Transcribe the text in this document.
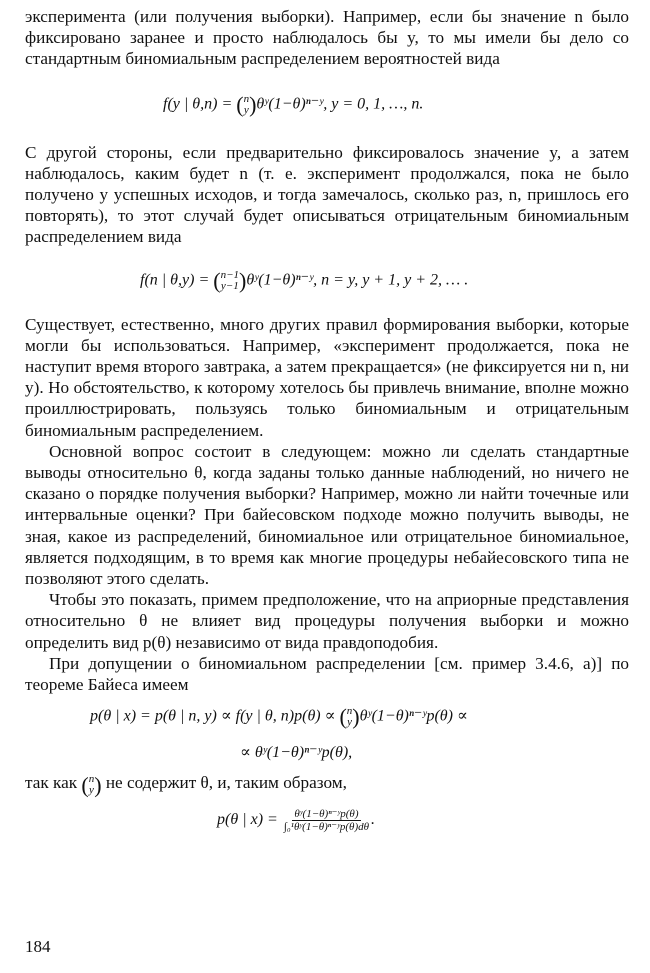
эксперимента (или получения выборки). Например, если бы значение n было фиксировано заранее и просто наблюдалось бы y, то мы имели бы дело со стандартным биномиальным распределением вероятностей вида

f(y | θ,n) = ( n
y )θʸ(1−θ)ⁿ⁻ʸ, y = 0, 1, …, n.

С другой стороны, если предварительно фиксировалось значение y, а затем наблюдалось, каким будет n (т. е. эксперимент продолжался, пока не было получено y успешных исходов, и тогда замечалось, сколько раз, n, пришлось его повторять), то этот случай будет описываться отрицательным биномиальным распределением вида

f(n | θ,y) = ( n−1
y−1 )θʸ(1−θ)ⁿ⁻ʸ, n = y, y + 1, y + 2, … .

Существует, естественно, много других правил формирования выборки, которые могли бы использоваться. Например, «эксперимент продолжается, пока не наступит время второго завтрака, а затем прекращается» (не фиксируется ни n, ни y). Но обстоятельство, к которому хотелось бы привлечь внимание, вполне можно проиллюстрировать, пользуясь только биномиальным и отрицательным биномиальным распределением.

Основной вопрос состоит в следующем: можно ли сделать стандартные выводы относительно θ, когда заданы только данные наблюдений, но ничего не сказано о порядке получения выборки? Например, можно ли найти точечные или интервальные оценки? При байесовском подходе можно получить выводы, не зная, какое из распределений, биномиальное или отрицательное биномиальное, является подходящим, в то время как многие процедуры небайесовского типа не позволяют этого сделать.

Чтобы это показать, примем предположение, что на априорные представления относительно θ не влияет вид процедуры получения выборки и можно определить вид p(θ) независимо от вида правдоподобия.

При допущении о биномиальном распределении [см. пример 3.4.6, а)] по теореме Байеса имеем

p(θ | x) = p(θ | n, y) ∝ f(y | θ, n)p(θ) ∝ ( n
y )θʸ(1−θ)ⁿ⁻ʸp(θ) ∝
∝ θʸ(1−θ)ⁿ⁻ʸp(θ),

так как ( n
y ) не содержит θ, и, таким образом,

p(θ | $x) = \frac{\text{θʸ(1−θ)ⁿ⁻ʸp(θ)}}{\text{∫₀¹θʸ(1−θ)ⁿ⁻ʸp(θ)dθ}}$ .
184
